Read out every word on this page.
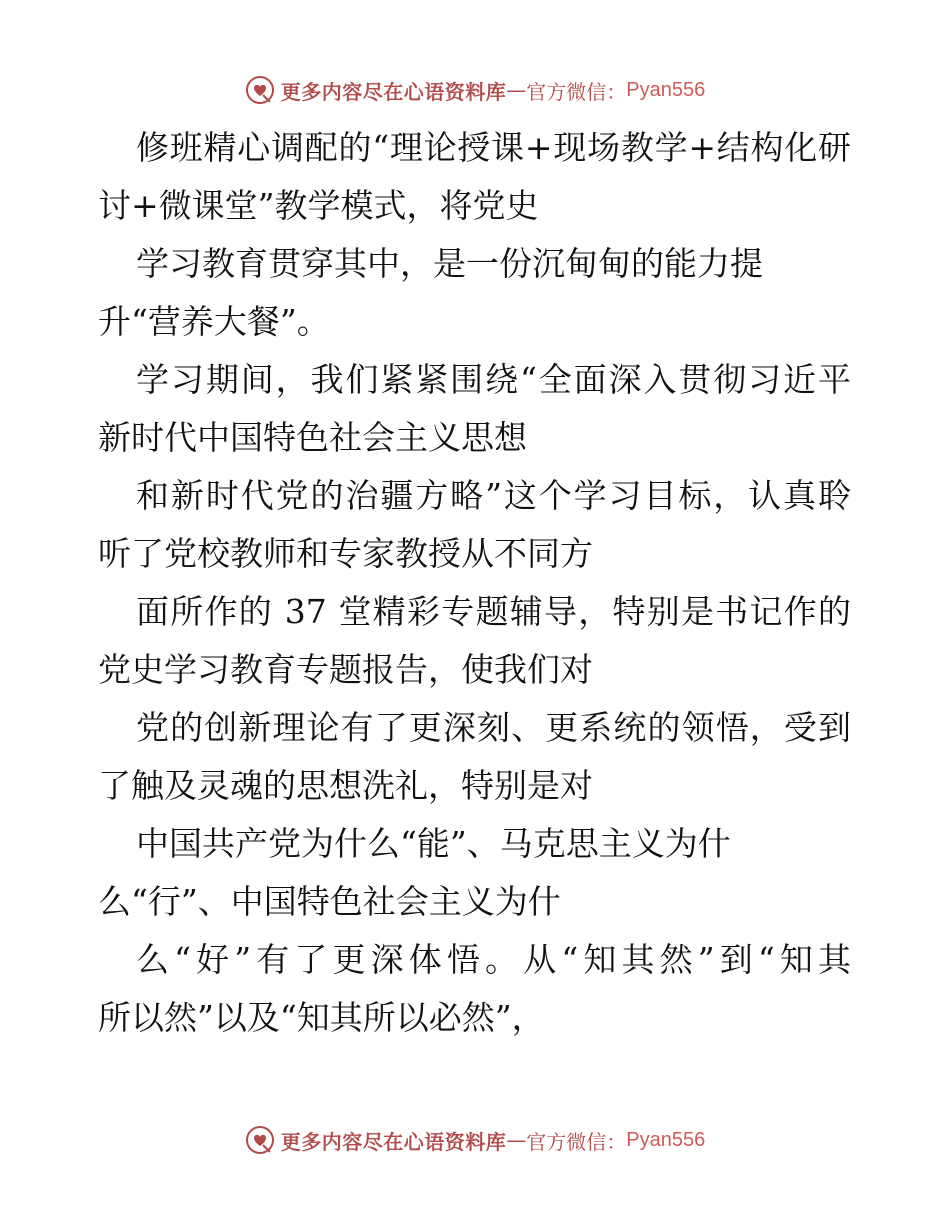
更多内容尽在心语资料库 — 官方微信： Pyan556
修班精心调配的“理论授课+现场教学+结构化研
讨+微课堂”教学模式，将党史
学习教育贯穿其中，是一份沉甸甸的能力提
升“营养大餐”。
学习期间，我们紧紧围绕“全面深入贯彻习近平
新时代中国特色社会主义思想
和新时代党的治疆方略”这个学习目标，认真聆
听了党校教师和专家教授从不同方
面所作的 37 堂精彩专题辅导，特别是书记作的
党史学习教育专题报告，使我们对
党的创新理论有了更深刻、更系统的领悟，受到
了触及灵魂的思想洗礼，特别是对
中国共产党为什么“能”、马克思主义为什
么“行”、中国特色社会主义为什
么“好”有了更深体悟。从“知其然”到“知其
所以然”以及“知其所以必然”，
更多内容尽在心语资料库 — 官方微信： Pyan556
